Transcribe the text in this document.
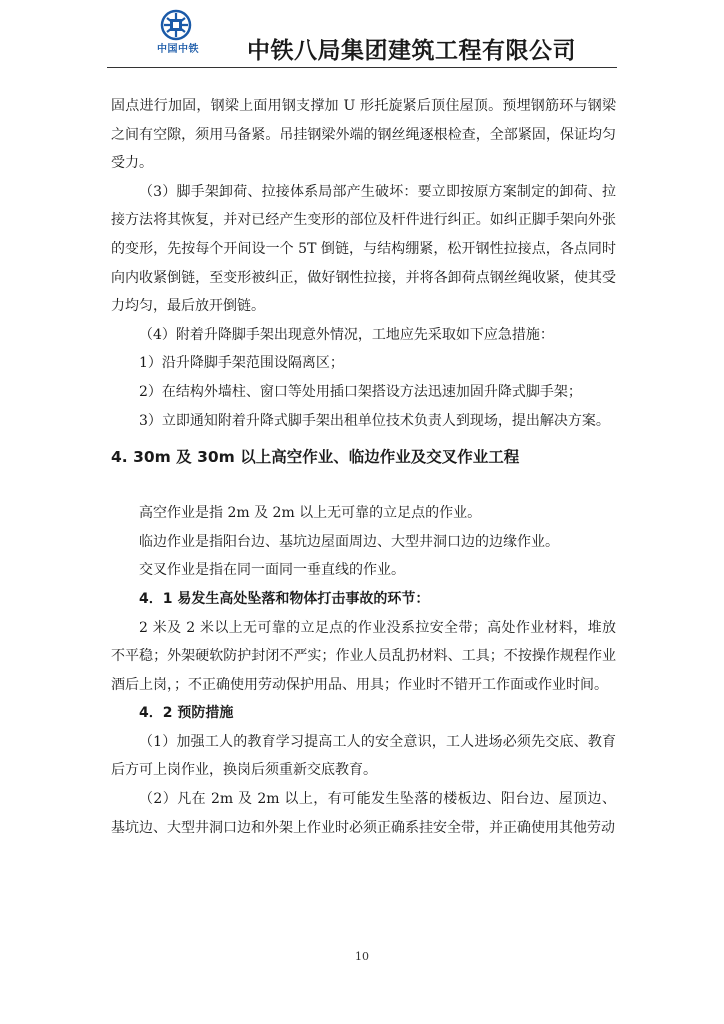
中国中铁	中铁八局集团建筑工程有限公司

固点进行加固，钢梁上面用钢支撑加 U 形托旋紧后顶住屋顶。预埋钢筋环与钢梁之间有空隙，须用马备紧。吊挂钢梁外端的钢丝绳逐根检查，全部紧固，保证均匀受力。

（3）脚手架卸荷、拉接体系局部产生破坏：要立即按原方案制定的卸荷、拉接方法将其恢复，并对已经产生变形的部位及杆件进行纠正。如纠正脚手架向外张的变形，先按每个开间设一个 5T 倒链，与结构绷紧，松开钢性拉接点，各点同时向内收紧倒链，至变形被纠正，做好钢性拉接，并将各卸荷点钢丝绳收紧，使其受力均匀，最后放开倒链。

（4）附着升降脚手架出现意外情况，工地应先采取如下应急措施：

1）沿升降脚手架范围设隔离区；

2）在结构外墙柱、窗口等处用插口架搭设方法迅速加固升降式脚手架；

3）立即通知附着升降式脚手架出租单位技术负责人到现场，提出解决方案。

4. 30m 及 30m 以上高空作业、临边作业及交叉作业工程

高空作业是指 2m 及 2m 以上无可靠的立足点的作业。

临边作业是指阳台边、基坑边屋面周边、大型井洞口边的边缘作业。

交叉作业是指在同一面同一垂直线的作业。

4．1 易发生高处坠落和物体打击事故的环节：

2 米及 2 米以上无可靠的立足点的作业没系拉安全带；高处作业材料，堆放不平稳；外架硬软防护封闭不严实；作业人员乱扔材料、工具；不按操作规程作业酒后上岗，；不正确使用劳动保护用品、用具；作业时不错开工作面或作业时间。

4．2 预防措施

（1）加强工人的教育学习提高工人的安全意识，工人进场必须先交底、教育后方可上岗作业，换岗后须重新交底教育。

（2）凡在 2m 及 2m 以上，有可能发生坠落的楼板边、阳台边、屋顶边、基坑边、大型井洞口边和外架上作业时必须正确系挂安全带，并正确使用其他劳动

10
